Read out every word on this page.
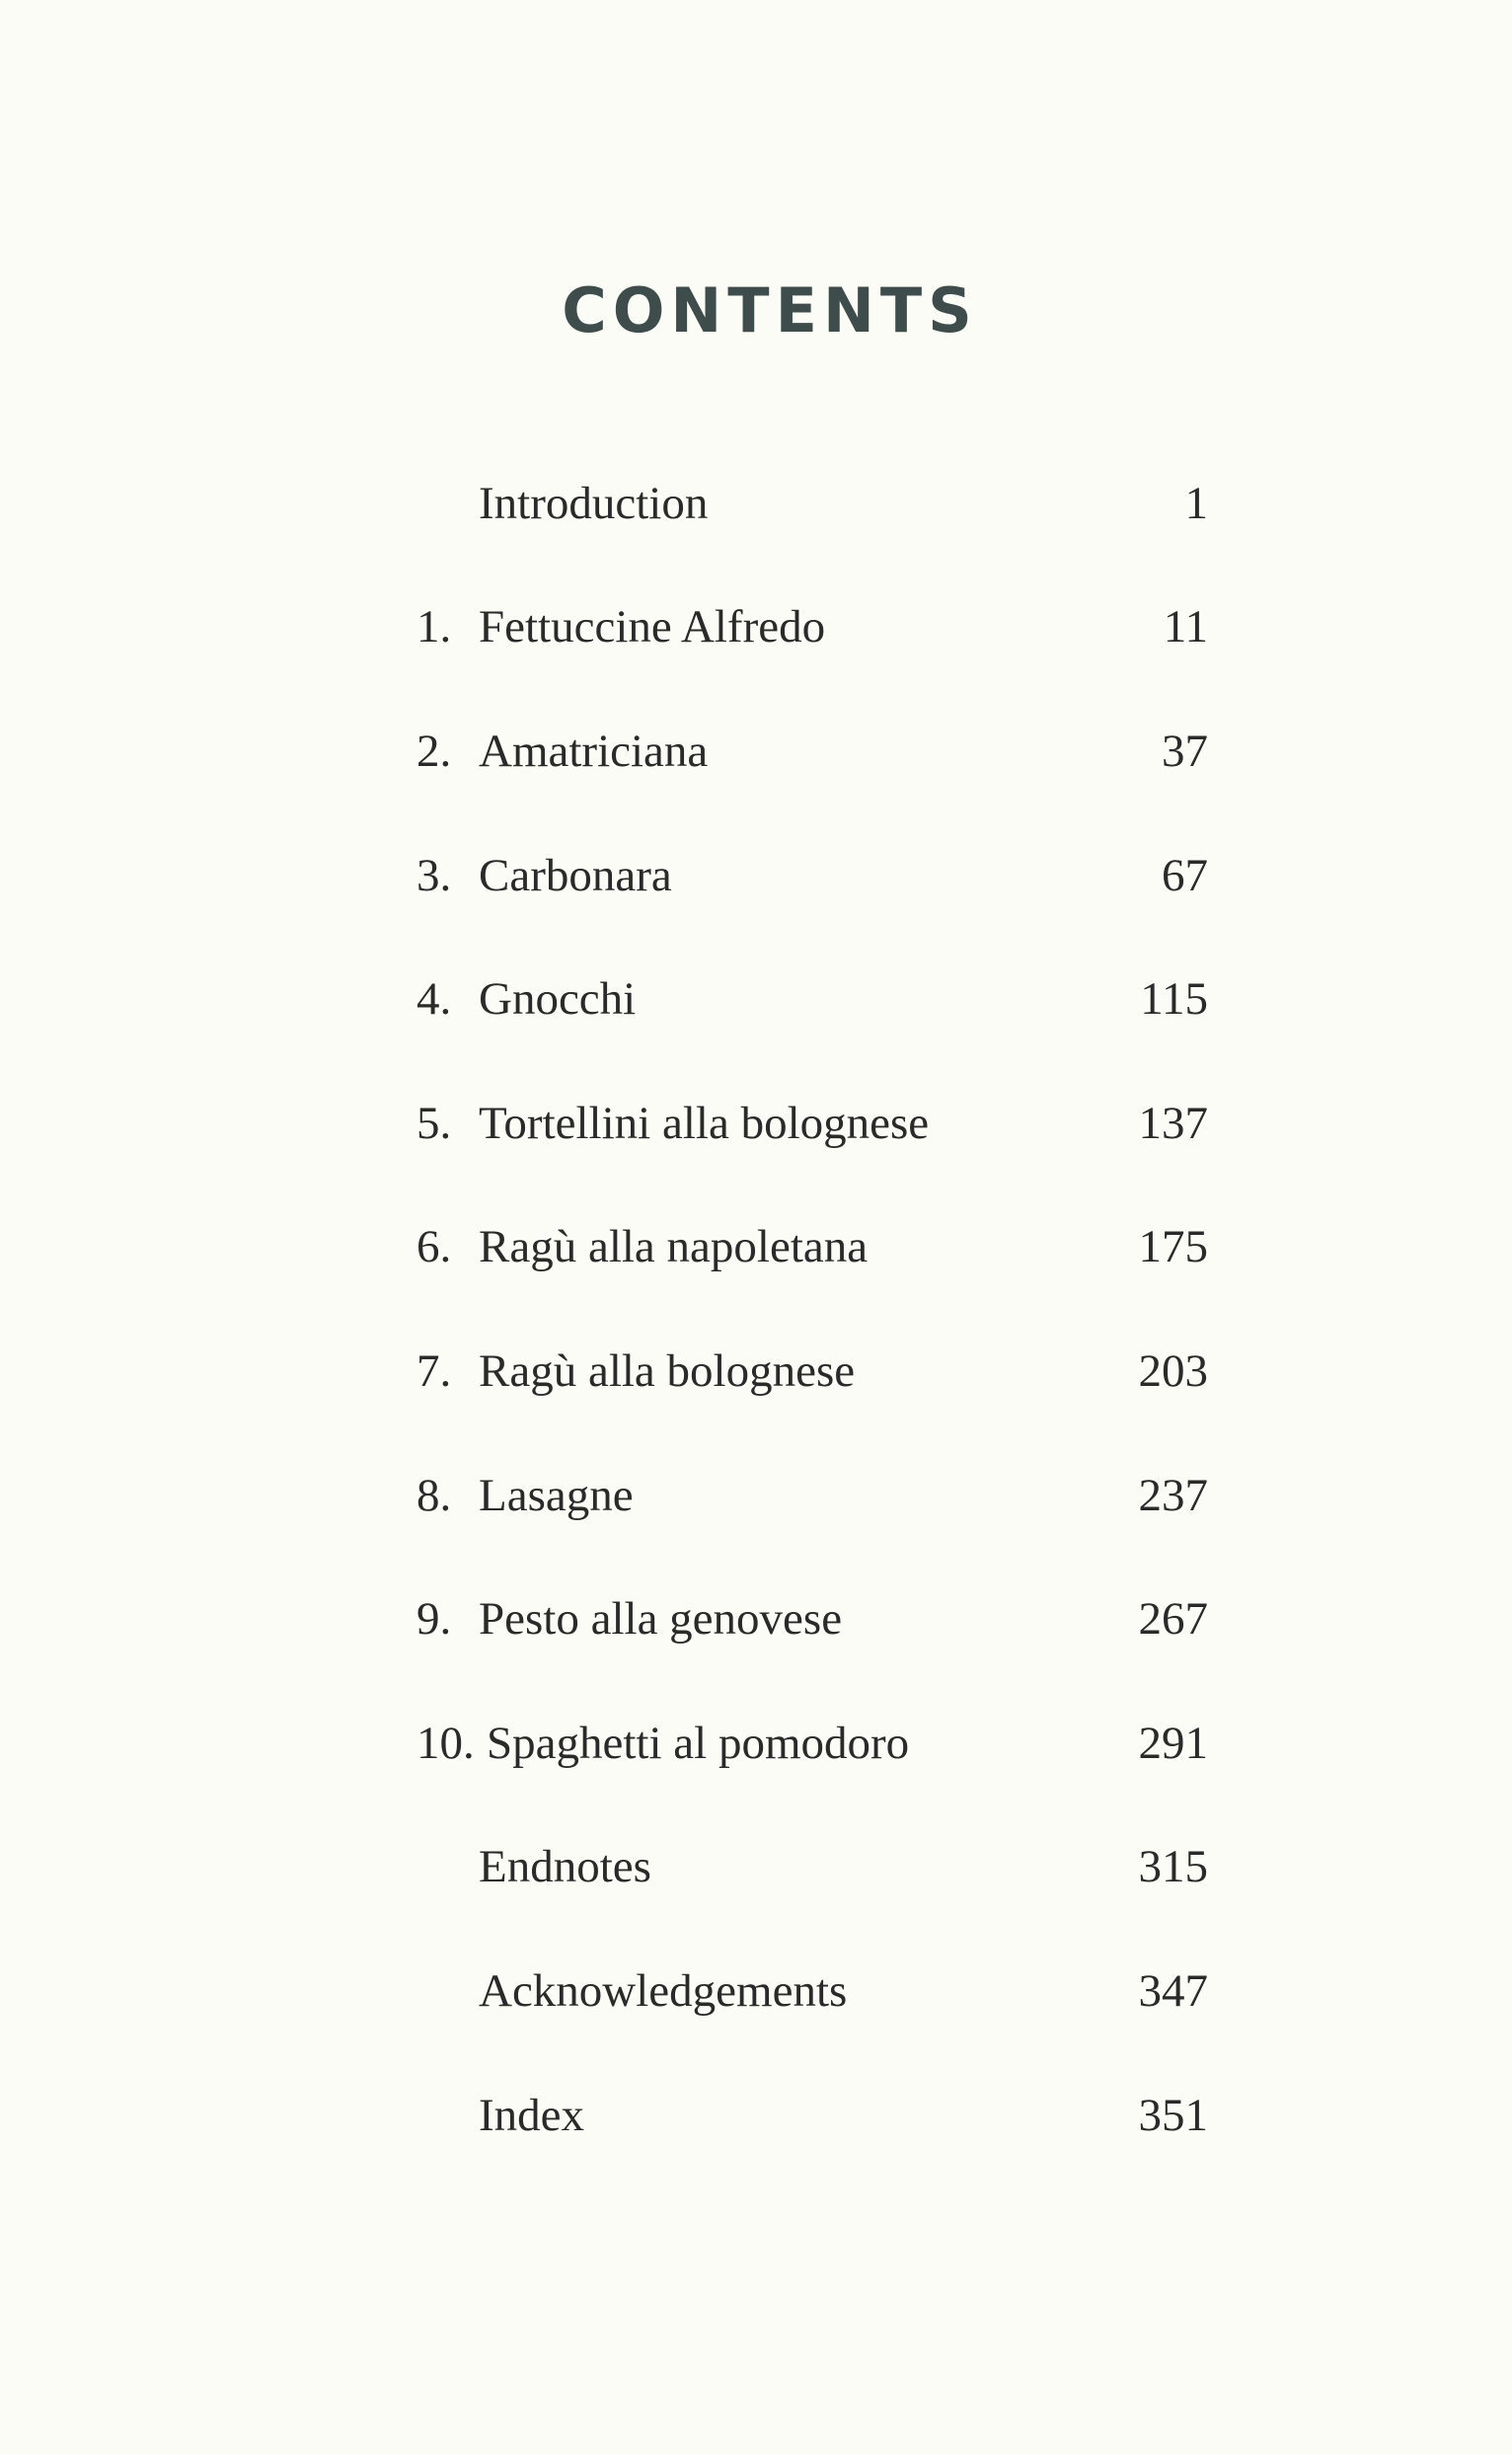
CONTENTS
Introduction	1
1. Fettuccine Alfredo	11
2. Amatriciana	37
3. Carbonara	67
4. Gnocchi	115
5. Tortellini alla bolognese	137
6. Ragù alla napoletana	175
7. Ragù alla bolognese	203
8. Lasagne	237
9. Pesto alla genovese	267
10. Spaghetti al pomodoro	291
Endnotes	315
Acknowledgements	347
Index	351
